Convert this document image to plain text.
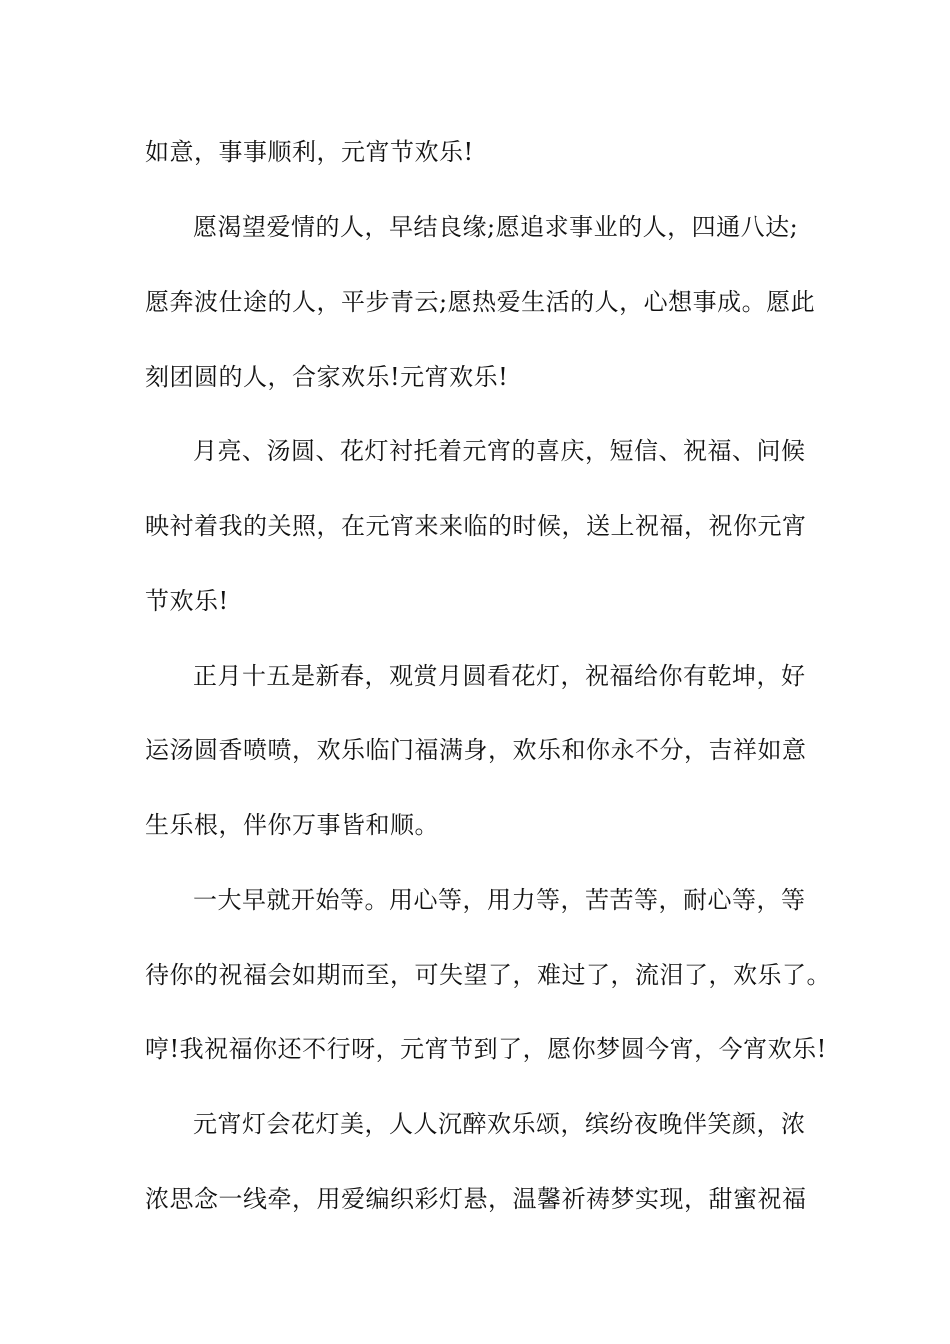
如意，事事顺利，元宵节欢乐!
愿渴望爱情的人，早结良缘;愿追求事业的人，四通八达;
愿奔波仕途的人，平步青云;愿热爱生活的人，心想事成。愿此
刻团圆的人，合家欢乐!元宵欢乐!
月亮、汤圆、花灯衬托着元宵的喜庆，短信、祝福、问候
映衬着我的关照，在元宵来来临的时候，送上祝福，祝你元宵
节欢乐!
正月十五是新春，观赏月圆看花灯，祝福给你有乾坤，好
运汤圆香喷喷，欢乐临门福满身，欢乐和你永不分，吉祥如意
生乐根，伴你万事皆和顺。
一大早就开始等。用心等，用力等，苦苦等，耐心等，等
待你的祝福会如期而至，可失望了，难过了，流泪了，欢乐了。
哼!我祝福你还不行呀，元宵节到了，愿你梦圆今宵，今宵欢乐!
元宵灯会花灯美，人人沉醉欢乐颂，缤纷夜晚伴笑颜，浓
浓思念一线牵，用爱编织彩灯悬，温馨祈祷梦实现，甜蜜祝福
